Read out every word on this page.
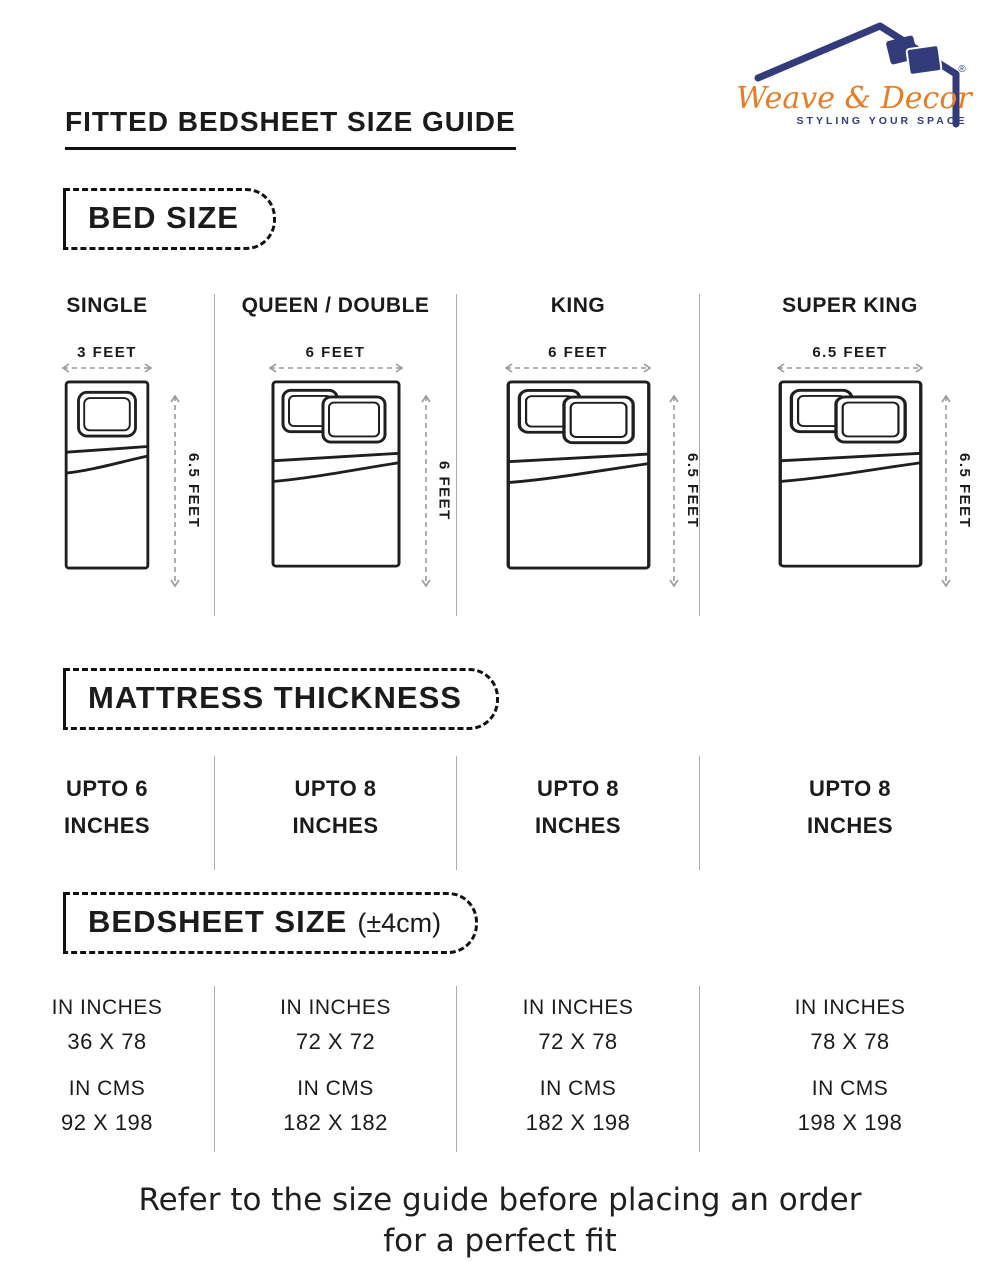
Weave & Decor
®
STYLING YOUR SPACE
FITTED BEDSHEET SIZE GUIDE
BED SIZE
SINGLE
3 FEET
6.5 FEET
QUEEN / DOUBLE
6 FEET
6 FEET
KING
6 FEET
6.5 FEET
SUPER KING
6.5 FEET
6.5 FEET
MATTRESS THICKNESS
UPTO 6
INCHES
UPTO 8
INCHES
UPTO 8
INCHES
UPTO 8
INCHES
BEDSHEET SIZE (±4cm)
IN INCHES
36 X 78
IN CMS
92 X 198
IN INCHES
72 X 72
IN CMS
182 X 182
IN INCHES
72 X 78
IN CMS
182 X 198
IN INCHES
78 X 78
IN CMS
198 X 198
Refer to the size guide before placing an order
for a perfect fit
